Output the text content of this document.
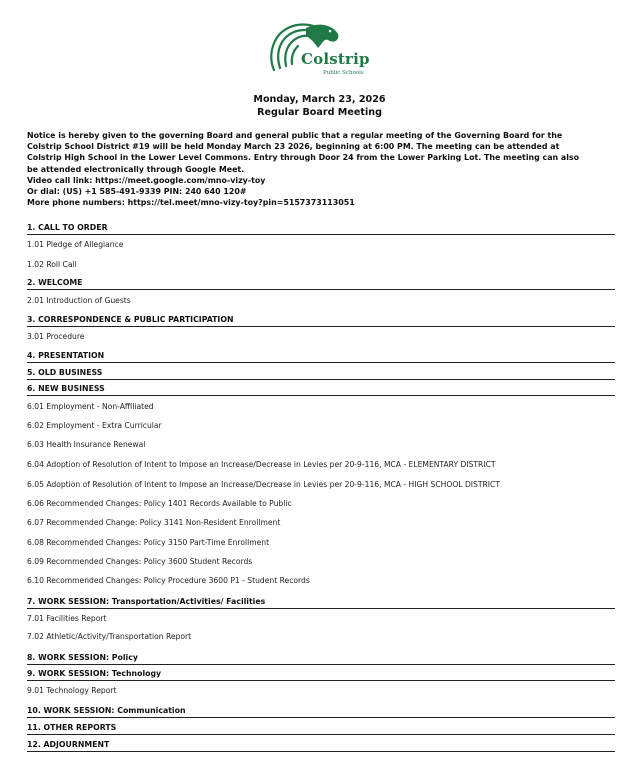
Colstrip
Public Schools
Monday, March 23, 2026
Regular Board Meeting
Notice is hereby given to the governing Board and general public that a regular meeting of the Governing Board for the
Colstrip School District #19 will be held Monday March 23 2026, beginning at 6:00 PM. The meeting can be attended at
Colstrip High School in the Lower Level Commons. Entry through Door 24 from the Lower Parking Lot. The meeting can also
be attended electronically through Google Meet.
Video call link: https://meet.google.com/mno-vizy-toy
Or dial: (US) +1 585-491-9339 PIN: 240 640 120#
More phone numbers: https://tel.meet/mno-vizy-toy?pin=5157373113051
1. CALL TO ORDER
1.01 Pledge of Allegiance
1.02 Roll Call
2. WELCOME
2.01 Introduction of Guests
3. CORRESPONDENCE & PUBLIC PARTICIPATION
3.01 Procedure
4. PRESENTATION
5. OLD BUSINESS
6. NEW BUSINESS
6.01 Employment - Non-Affiliated
6.02 Employment - Extra Curricular
6.03 Health Insurance Renewal
6.04 Adoption of Resolution of Intent to Impose an Increase/Decrease in Levies per 20-9-116, MCA - ELEMENTARY DISTRICT
6.05 Adoption of Resolution of Intent to Impose an Increase/Decrease in Levies per 20-9-116, MCA - HIGH SCHOOL DISTRICT
6.06 Recommended Changes: Policy 1401 Records Available to Public
6.07 Recommended Change: Policy 3141 Non-Resident Enrollment
6.08 Recommended Changes: Policy 3150 Part-Time Enrollment
6.09 Recommended Changes: Policy 3600 Student Records
6.10 Recommended Changes: Policy Procedure 3600 P1 - Student Records
7. WORK SESSION: Transportation/Activities/ Facilities
7.01 Facilities Report
7.02 Athletic/Activity/Transportation Report
8. WORK SESSION: Policy
9. WORK SESSION: Technology
9.01 Technology Report
10. WORK SESSION: Communication
11. OTHER REPORTS
12. ADJOURNMENT
